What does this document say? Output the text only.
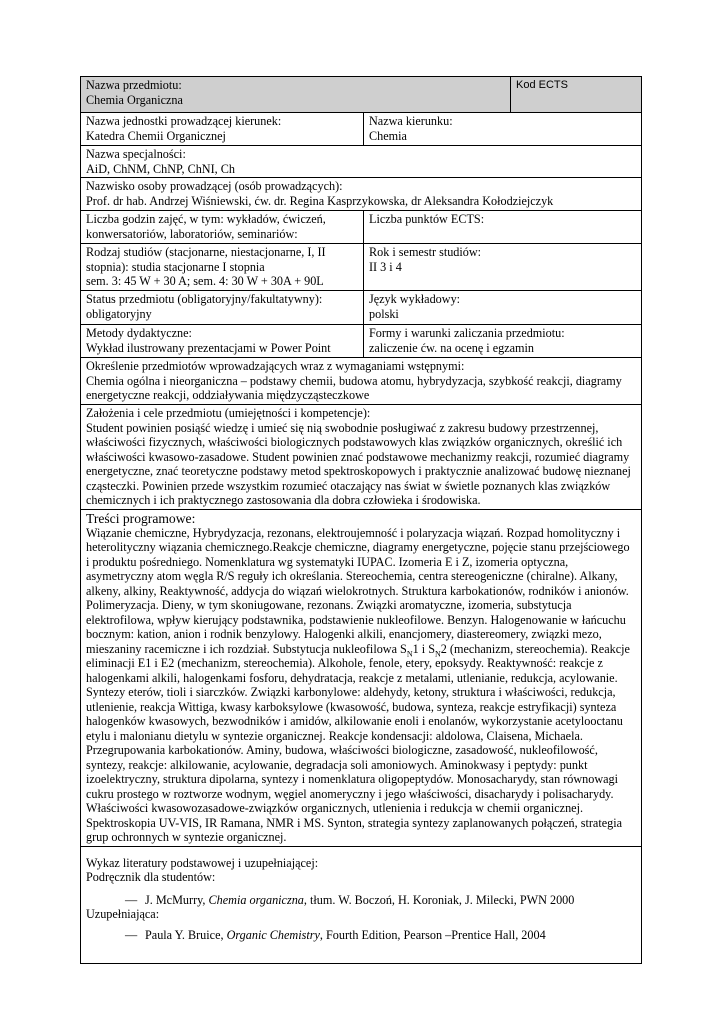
Nazwa przedmiotu:
Chemia Organiczna		Kod ECTS

Nazwa jednostki prowadzącej kierunek:
Katedra Chemii Organicznej	Nazwa kierunku:
Chemia	

Nazwa specjalności:
AiD, ChNM, ChNP, ChNI, Ch		

Nazwisko osoby prowadzącej (osób prowadzących):
Prof. dr hab. Andrzej Wiśniewski, ćw. dr. Regina Kasprzykowska, dr Aleksandra Kołodziejczyk		

Liczba godzin zajęć, w tym: wykładów, ćwiczeń,
konwersatoriów, laboratoriów, seminariów:	Liczba punktów ECTS:	

Rodzaj studiów (stacjonarne, niestacjonarne, I, II
stopnia): studia stacjonarne I stopnia
sem. 3: 45 W + 30 A; sem. 4: 30 W + 30A + 90L	Rok i semestr studiów:
II 3 i 4	

Status przedmiotu (obligatoryjny/fakultatywny):
obligatoryjny	Język wykładowy:
polski	

Metody dydaktyczne:
Wykład ilustrowany prezentacjami w Power Point	Formy i warunki zaliczania przedmiotu:
zaliczenie ćw. na ocenę i egzamin	

Określenie przedmiotów wprowadzających wraz z wymaganiami wstępnymi:
Chemia ogólna i nieorganiczna – podstawy chemii, budowa atomu, hybrydyzacja, szybkość reakcji, diagramy energetyczne reakcji, oddziaływania międzycząsteczkowe		

Założenia i cele przedmiotu (umiejętności i kompetencje):
Student powinien posiąść wiedzę i umieć się nią swobodnie posługiwać z zakresu budowy przestrzennej, właściwości fizycznych, właściwości biologicznych podstawowych klas związków organicznych, określić ich właściwości kwasowo-zasadowe. Student powinien znać podstawowe mechanizmy reakcji, rozumieć diagramy energetyczne, znać teoretyczne podstawy metod spektroskopowych i praktycznie analizować budowę nieznanej cząsteczki. Powinien przede wszystkim rozumieć otaczający nas świat w świetle poznanych klas związków chemicznych i ich praktycznego zastosowania dla dobra człowieka i środowiska.		

Treści programowe:
Wiązanie chemiczne, Hybrydyzacja, rezonans, elektroujemność i polaryzacja wiązań. Rozpad homolityczny i heterolityczny wiązania chemicznego.Reakcje chemiczne, diagramy energetyczne, pojęcie stanu przejściowego i produktu pośredniego. Nomenklatura wg systematyki IUPAC. Izomeria E i Z, izomeria optyczna, asymetryczny atom węgla R/S reguły ich określania. Stereochemia, centra stereogeniczne (chiralne). Alkany, alkeny, alkiny, Reaktywność, addycja do wiązań wielokrotnych. Struktura karbokationów, rodników i anionów. Polimeryzacja. Dieny, w tym skoniugowane, rezonans. Związki aromatyczne, izomeria, substytucja elektrofilowa, wpływ kierujący podstawnika, podstawienie nukleofilowe. Benzyn. Halogenowanie w łańcuchu bocznym: kation, anion i rodnik benzylowy. Halogenki alkili, enancjomery, diastereomery, związki mezo, mieszaniny racemiczne i ich rozdział. Substytucja nukleofilowa $S_N1$ i $S_N2$ (mechanizm, stereochemia). Reakcje eliminacji E1 i E2 (mechanizm, stereochemia). Alkohole, fenole, etery, epoksydy. Reaktywność: reakcje z halogenkami alkili, halogenkami fosforu, dehydratacja, reakcje z metalami, utlenianie, redukcja, acylowanie. Syntezy eterów, tioli i siarczków. Związki karbonylowe: aldehydy, ketony, struktura i właściwości, redukcja, utlenienie, reakcja Wittiga, kwasy karboksylowe (kwasowość, budowa, synteza, reakcje estryfikacji) synteza halogenków kwasowych, bezwodników i amidów, alkilowanie enoli i enolanów, wykorzystanie acetylooctanu etylu i malonianu dietylu w syntezie organicznej. Reakcje kondensacji: aldolowa, Claisena, Michaela. Przegrupowania karbokationów. Aminy, budowa, właściwości biologiczne, zasadowość, nukleofilowość, syntezy, reakcje: alkilowanie, acylowanie, degradacja soli amoniowych. Aminokwasy i peptydy: punkt izoelektryczny, struktura dipolarna, syntezy i nomenklatura oligopeptydów. Monosacharydy, stan równowagi cukru prostego w roztworze wodnym, węgiel anomeryczny i jego właściwości, disacharydy i polisacharydy. Właściwości kwasowozasadowe-związków organicznych, utlenienia i redukcja w chemii organicznej. Spektroskopia UV-VIS, IR Ramana, NMR i MS. Synton, strategia syntezy zaplanowanych połączeń, strategia grup ochronnych w syntezie organicznej.		

Wykaz literatury podstawowej i uzupełniającej:
Podręcznik dla studentów:
— J. McMurry, Chemia organiczna, tłum. W. Boczoń, H. Koroniak, J. Milecki, PWN 2000
Uzupełniająca:
— Paula Y. Bruice, Organic Chemistry, Fourth Edition, Pearson –Prentice Hall, 2004		
